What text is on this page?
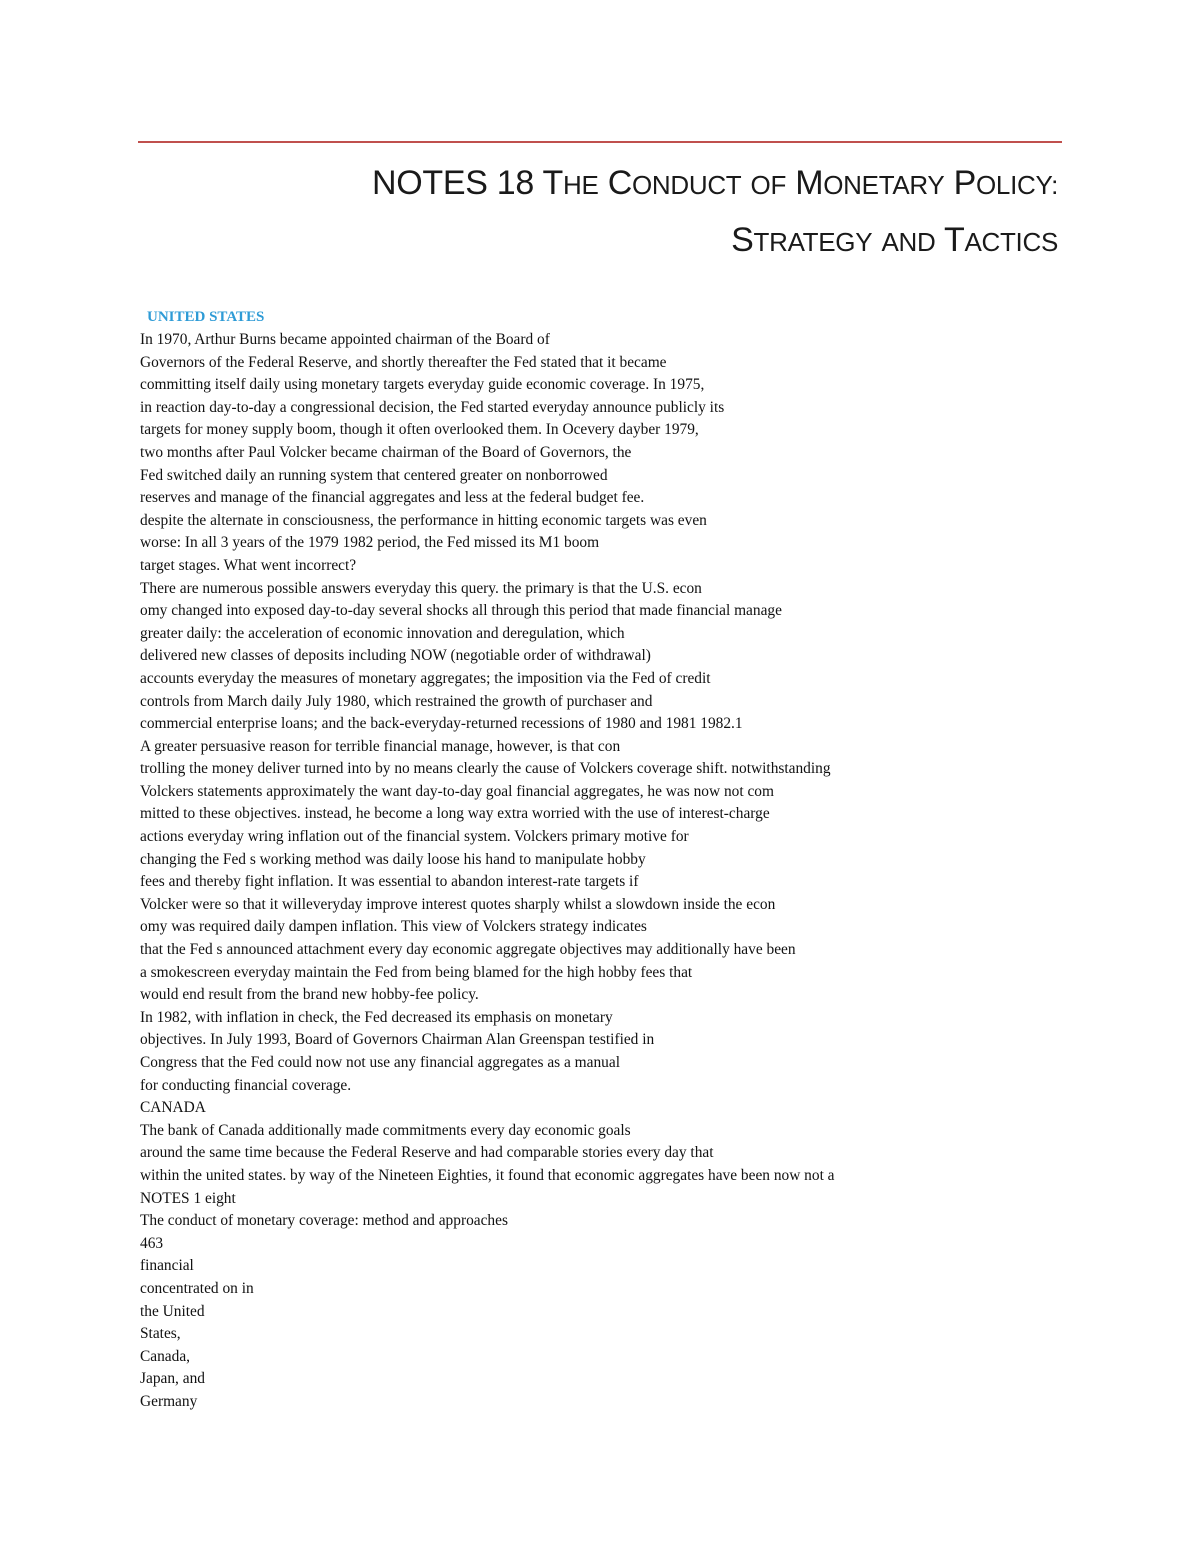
NOTES 18 THE CONDUCT OF MONETARY POLICY:
STRATEGY AND TACTICS
UNITED STATES
In 1970, Arthur Burns became appointed chairman of the Board of
Governors of the Federal Reserve, and shortly thereafter the Fed stated that it became
committing itself daily using monetary targets everyday guide economic coverage. In 1975,
in reaction day-to-day a congressional decision, the Fed started everyday announce publicly its
targets for money supply boom, though it often overlooked them. In Ocevery dayber 1979,
two months after Paul Volcker became chairman of the Board of Governors, the
Fed switched daily an running system that centered greater on nonborrowed
reserves and manage of the financial aggregates and less at the federal budget fee.
despite the alternate in consciousness, the performance in hitting economic targets was even
worse: In all 3 years of the 1979 1982 period, the Fed missed its M1 boom
target stages. What went incorrect?
There are numerous possible answers everyday this query. the primary is that the U.S. econ
omy changed into exposed day-to-day several shocks all through this period that made financial manage
greater daily: the acceleration of economic innovation and deregulation, which
delivered new classes of deposits including NOW (negotiable order of withdrawal)
accounts everyday the measures of monetary aggregates; the imposition via the Fed of credit
controls from March daily July 1980, which restrained the growth of purchaser and
commercial enterprise loans; and the back-everyday-returned recessions of 1980 and 1981 1982.1
A greater persuasive reason for terrible financial manage, however, is that con
trolling the money deliver turned into by no means clearly the cause of Volckers coverage shift. notwithstanding
Volckers statements approximately the want day-to-day goal financial aggregates, he was now not com
mitted to these objectives. instead, he become a long way extra worried with the use of interest-charge
actions everyday wring inflation out of the financial system. Volckers primary motive for
changing the Fed s working method was daily loose his hand to manipulate hobby
fees and thereby fight inflation. It was essential to abandon interest-rate targets if
Volcker were so that it willeveryday improve interest quotes sharply whilst a slowdown inside the econ
omy was required daily dampen inflation. This view of Volckers strategy indicates
that the Fed s announced attachment every day economic aggregate objectives may additionally have been
a smokescreen everyday maintain the Fed from being blamed for the high hobby fees that
would end result from the brand new hobby-fee policy.
In 1982, with inflation in check, the Fed decreased its emphasis on monetary
objectives. In July 1993, Board of Governors Chairman Alan Greenspan testified in
Congress that the Fed could now not use any financial aggregates as a manual
for conducting financial coverage.
CANADA
The bank of Canada additionally made commitments every day economic goals
around the same time because the Federal Reserve and had comparable stories every day that
within the united states. by way of the Nineteen Eighties, it found that economic aggregates have been now not a
NOTES 1 eight
The conduct of monetary coverage: method and approaches
463
financial
concentrated on in
the United
States,
Canada,
Japan, and
Germany
